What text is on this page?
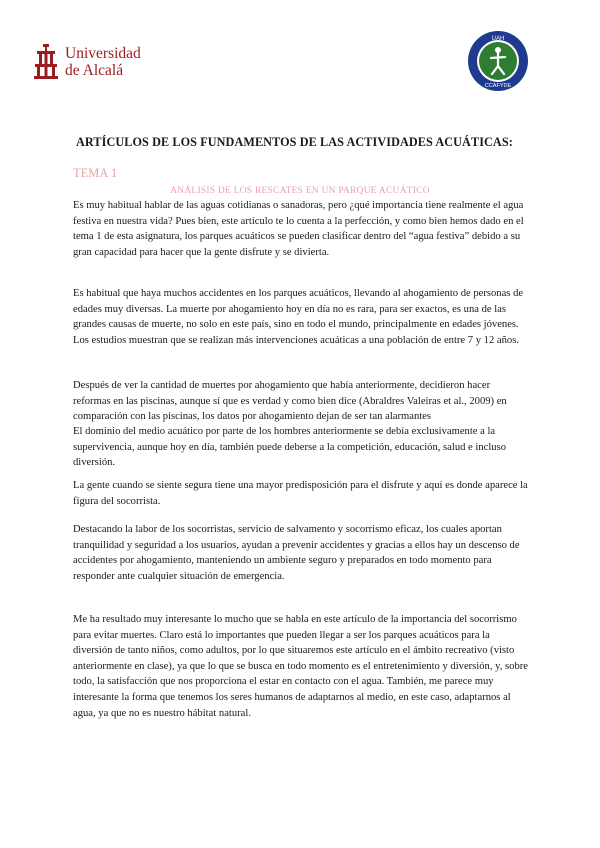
Universidad
de Alcalá
UAH
CCAFYDE
ARTÍCULOS DE LOS FUNDAMENTOS DE LAS ACTIVIDADES ACUÁTICAS:
TEMA 1
ANÁLISIS DE LOS RESCATES EN UN PARQUE ACUÁTICO

Es muy habitual hablar de las aguas cotidianas o sanadoras, pero ¿qué importancia tiene realmente el agua festiva en nuestra vida? Pues bien, este artículo te lo cuenta a la perfección, y como bien hemos dado en el tema 1 de esta asignatura, los parques acuáticos se pueden clasificar dentro del “agua festiva” debido a su gran capacidad para hacer que la gente disfrute y se divierta.

Es habitual que haya muchos accidentes en los parques acuáticos, llevando al ahogamiento de personas de edades muy diversas. La muerte por ahogamiento hoy en día no es rara, para ser exactos, es una de las grandes causas de muerte, no solo en este país, sino en todo el mundo, principalmente en edades jóvenes. Los estudios muestran que se realizan más intervenciones acuáticas a una población de entre 7 y 12 años.

Después de ver la cantidad de muertes por ahogamiento que había anteriormente, decidieron hacer reformas en las piscinas, aunque sí que es verdad y como bien dice (Abraldres Valeiras et al., 2009) en comparación con las piscinas, los datos por ahogamiento dejan de ser tan alarmantes

El dominio del medio acuático por parte de los hombres anteriormente se debía exclusivamente a la supervivencia, aunque hoy en día, también puede deberse a la competición, educación, salud e incluso diversión.

La gente cuando se siente segura tiene una mayor predisposición para el disfrute y aquí es donde aparece la figura del socorrista.

Destacando la labor de los socorristas, servicio de salvamento y socorrismo eficaz, los cuales aportan tranquilidad y seguridad a los usuarios, ayudan a prevenir accidentes y gracias a ellos hay un descenso de accidentes por ahogamiento, manteniendo un ambiente seguro y preparados en todo momento para responder ante cualquier situación de emergencia.

Me ha resultado muy interesante lo mucho que se habla en este artículo de la importancia del socorrismo para evitar muertes. Claro está lo importantes que pueden llegar a ser los parques acuáticos para la diversión de tanto niños, como adultos, por lo que situaremos este artículo en el ámbito recreativo (visto anteriormente en clase), ya que lo que se busca en todo momento es el entretenimiento y diversión, y, sobre todo, la satisfacción que nos proporciona el estar en contacto con el agua. También, me parece muy interesante la forma que tenemos los seres humanos de adaptarnos al medio, en este caso, adaptarnos al agua, ya que no es nuestro hábitat natural.
